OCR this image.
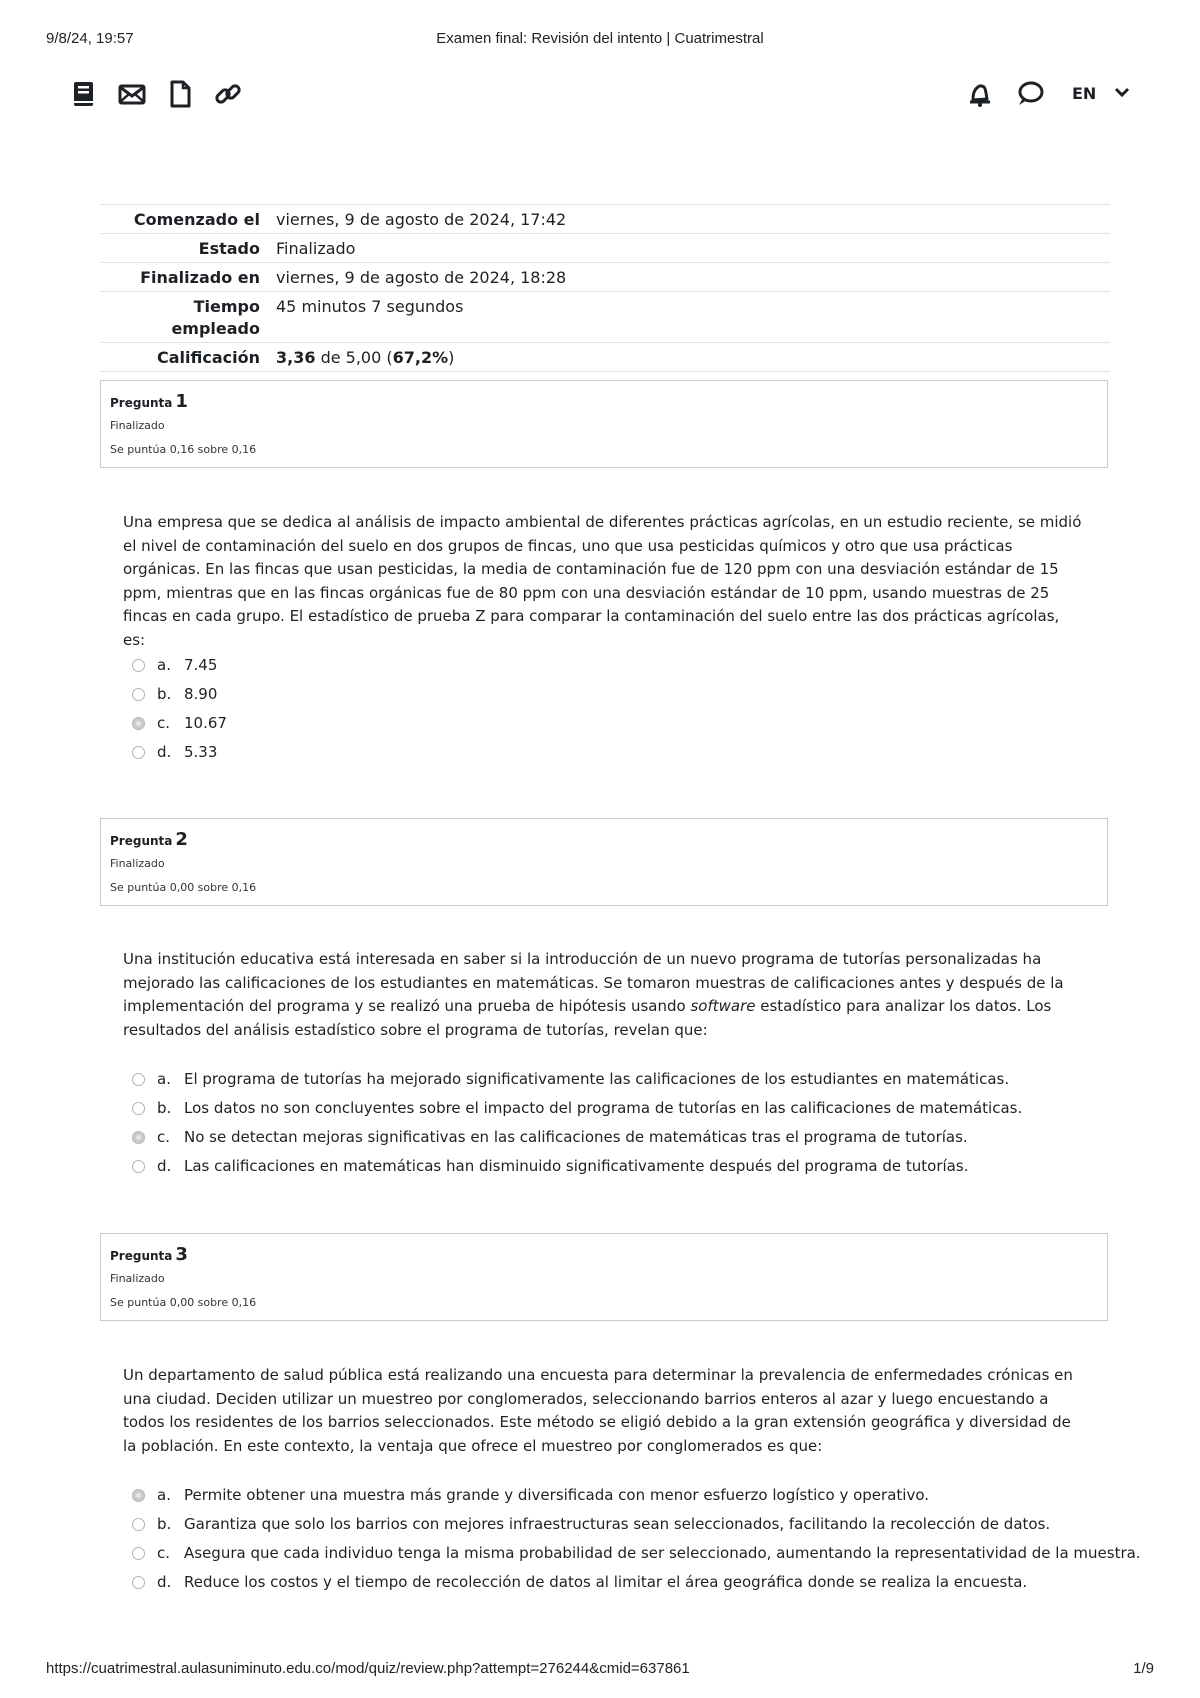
9/8/24, 19:57	Examen final: Revisión del intento | Cuatrimestral
EN
Comenzado el	viernes, 9 de agosto de 2024, 17:42
Estado	Finalizado
Finalizado en	viernes, 9 de agosto de 2024, 18:28
Tiempo empleado	45 minutos 7 segundos
Calificación	3,36 de 5,00 (67,2%)
Pregunta 1
Finalizado
Se puntúa 0,16 sobre 0,16
Una empresa que se dedica al análisis de impacto ambiental de diferentes prácticas agrícolas, en un estudio reciente, se midió el nivel de contaminación del suelo en dos grupos de fincas, uno que usa pesticidas químicos y otro que usa prácticas orgánicas. En las fincas que usan pesticidas, la media de contaminación fue de 120 ppm con una desviación estándar de 15 ppm, mientras que en las fincas orgánicas fue de 80 ppm con una desviación estándar de 10 ppm, usando muestras de 25 fincas en cada grupo. El estadístico de prueba Z para comparar la contaminación del suelo entre las dos prácticas agrícolas, es:
a. 7.45
b. 8.90
c. 10.67
d. 5.33
Pregunta 2
Finalizado
Se puntúa 0,00 sobre 0,16
Una institución educativa está interesada en saber si la introducción de un nuevo programa de tutorías personalizadas ha mejorado las calificaciones de los estudiantes en matemáticas. Se tomaron muestras de calificaciones antes y después de la implementación del programa y se realizó una prueba de hipótesis usando software estadístico para analizar los datos. Los resultados del análisis estadístico sobre el programa de tutorías, revelan que:
a. El programa de tutorías ha mejorado significativamente las calificaciones de los estudiantes en matemáticas.
b. Los datos no son concluyentes sobre el impacto del programa de tutorías en las calificaciones de matemáticas.
c. No se detectan mejoras significativas en las calificaciones de matemáticas tras el programa de tutorías.
d. Las calificaciones en matemáticas han disminuido significativamente después del programa de tutorías.
Pregunta 3
Finalizado
Se puntúa 0,00 sobre 0,16
Un departamento de salud pública está realizando una encuesta para determinar la prevalencia de enfermedades crónicas en una ciudad. Deciden utilizar un muestreo por conglomerados, seleccionando barrios enteros al azar y luego encuestando a todos los residentes de los barrios seleccionados. Este método se eligió debido a la gran extensión geográfica y diversidad de la población. En este contexto, la ventaja que ofrece el muestreo por conglomerados es que:
a. Permite obtener una muestra más grande y diversificada con menor esfuerzo logístico y operativo.
b. Garantiza que solo los barrios con mejores infraestructuras sean seleccionados, facilitando la recolección de datos.
c. Asegura que cada individuo tenga la misma probabilidad de ser seleccionado, aumentando la representatividad de la muestra.
d. Reduce los costos y el tiempo de recolección de datos al limitar el área geográfica donde se realiza la encuesta.
https://cuatrimestral.aulasuniminuto.edu.co/mod/quiz/review.php?attempt=276244&cmid=637861	1/9
